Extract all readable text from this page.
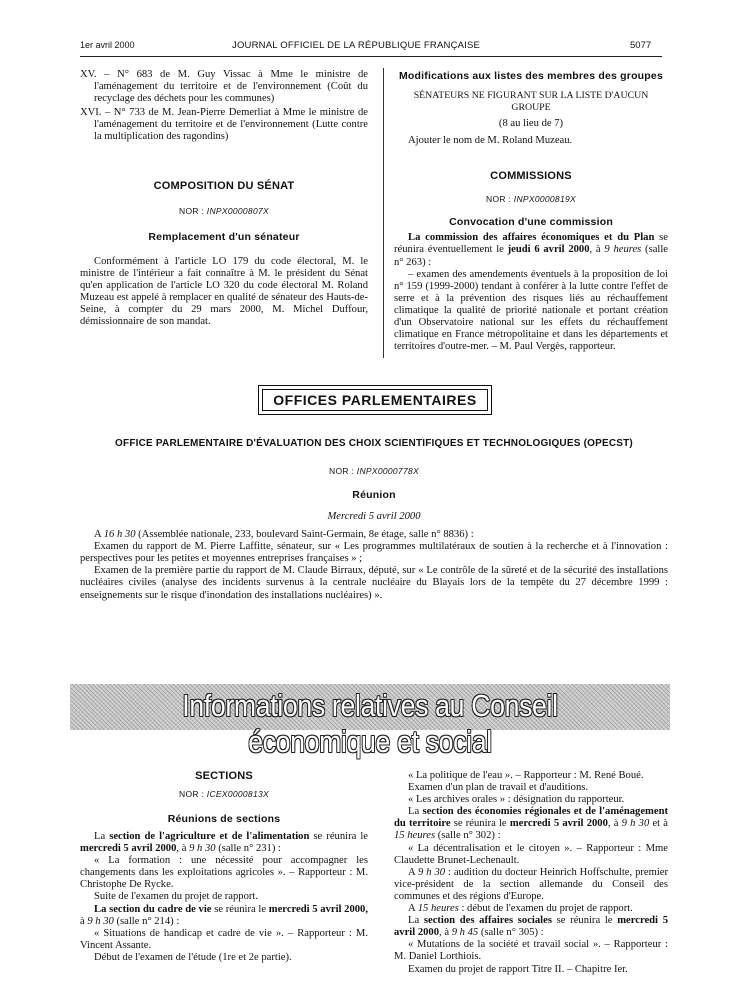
1er avril 2000	JOURNAL OFFICIEL DE LA RÉPUBLIQUE FRANÇAISE	5077

XV. – N° 683 de M. Guy Vissac à Mme le ministre de l'aménagement du territoire et de l'environnement (Coût du recyclage des déchets pour les communes)

XVI. – N° 733 de M. Jean-Pierre Demerliat à Mme le ministre de l'aménagement du territoire et de l'environnement (Lutte contre la multiplication des ragondins)

COMPOSITION DU SÉNAT
NOR : INPX0000807X
Remplacement d'un sénateur

Conformément à l'article LO 179 du code électoral, M. le ministre de l'intérieur a fait connaître à M. le président du Sénat qu'en application de l'article LO 320 du code électoral M. Roland Muzeau est appelé à remplacer en qualité de sénateur des Hauts-de-Seine, à compter du 29 mars 2000, M. Michel Duffour, démissionnaire de son mandat.

Modifications aux listes des membres des groupes

SÉNATEURS NE FIGURANT SUR LA LISTE D'AUCUN GROUPE

(8 au lieu de 7)

Ajouter le nom de M. Roland Muzeau.

COMMISSIONS
NOR : INPX0000819X
Convocation d'une commission

La commission des affaires économiques et du Plan se réunira éventuellement le jeudi 6 avril 2000, à 9 heures (salle n° 263) :

– examen des amendements éventuels à la proposition de loi n° 159 (1999-2000) tendant à conférer à la lutte contre l'effet de serre et à la prévention des risques liés au réchauffement climatique la qualité de priorité nationale et portant création d'un Observatoire national sur les effets du réchauffement climatique en France métropolitaine et dans les départements et territoires d'outre-mer. – M. Paul Vergès, rapporteur.

OFFICES PARLEMENTAIRES
OFFICE PARLEMENTAIRE D'ÉVALUATION DES CHOIX SCIENTIFIQUES ET TECHNOLOGIQUES (OPECST)
NOR : INPX0000778X
Réunion

Mercredi 5 avril 2000

A 16 h 30 (Assemblée nationale, 233, boulevard Saint-Germain, 8e étage, salle n° 8836) :

Examen du rapport de M. Pierre Laffitte, sénateur, sur « Les programmes multilatéraux de soutien à la recherche et à l'innovation : perspectives pour les petites et moyennes entreprises françaises » ;

Examen de la première partie du rapport de M. Claude Birraux, député, sur « Le contrôle de la sûreté et de la sécurité des installations nucléaires civiles (analyse des incidents survenus à la centrale nucléaire du Blayais lors de la tempête du 27 décembre 1999 : enseignements sur le risque d'inondation des installations nucléaires) ».

Informations relatives au Conseil économique et social
SECTIONS
NOR : ICEX0000813X
Réunions de sections

La section de l'agriculture et de l'alimentation se réunira le mercredi 5 avril 2000, à 9 h 30 (salle n° 231) :

« La formation : une nécessité pour accompagner les changements dans les exploitations agricoles ». – Rapporteur : M. Christophe De Rycke.

Suite de l'examen du projet de rapport.

La section du cadre de vie se réunira le mercredi 5 avril 2000, à 9 h 30 (salle n° 214) :

« Situations de handicap et cadre de vie ». – Rapporteur : M. Vincent Assante.

Début de l'examen de l'étude (1re et 2e partie).

« La politique de l'eau ». – Rapporteur : M. René Boué.

Examen d'un plan de travail et d'auditions.

« Les archives orales » : désignation du rapporteur.

La section des économies régionales et de l'aménagement du territoire se réunira le mercredi 5 avril 2000, à 9 h 30 et à 15 heures (salle n° 302) :

« La décentralisation et le citoyen ». – Rapporteur : Mme Claudette Brunet-Lechenault.

A 9 h 30 : audition du docteur Heinrich Hoffschulte, premier vice-président de la section allemande du Conseil des communes et des régions d'Europe.

A 15 heures : début de l'examen du projet de rapport.

La section des affaires sociales se réunira le mercredi 5 avril 2000, à 9 h 45 (salle n° 305) :

« Mutations de la société et travail social ». – Rapporteur : M. Daniel Lorthiois.

Examen du projet de rapport Titre II. – Chapitre Ier.
